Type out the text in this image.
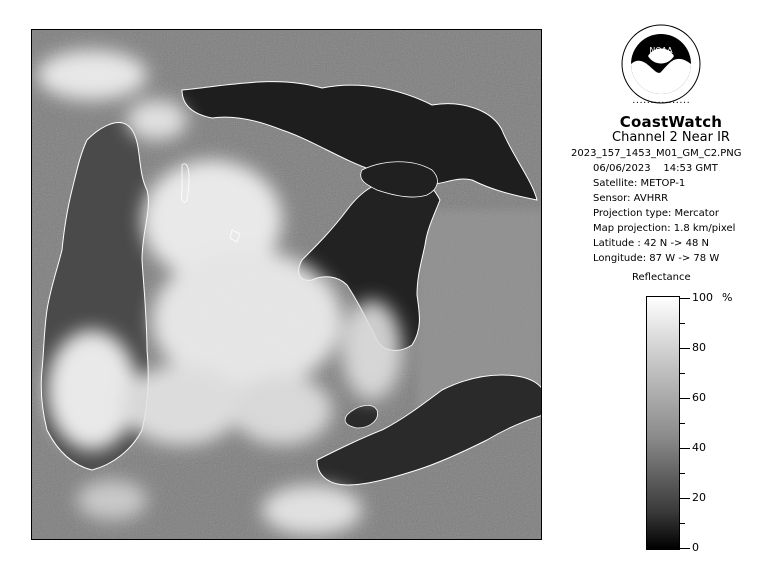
NOAA
• • • • • • • • • • • • • • • •
CoastWatch
Channel 2 Near IR
2023_157_1453_M01_GM_C2.PNG
06/06/2023 14:53 GMT
Satellite: METOP-1
Sensor: AVHRR
Projection type: Mercator
Map projection: 1.8 km/pixel
Latitude : 42 N -> 48 N
Longitude: 87 W -> 78 W
Reflectance
%
100
80
60
40
20
0
